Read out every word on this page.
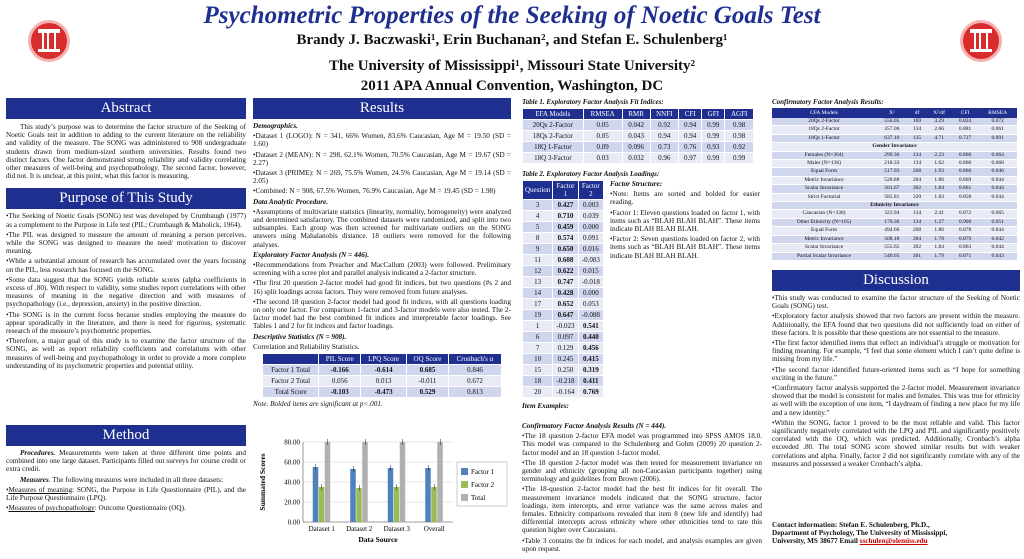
Psychometric Properties of the Seeking of Noetic Goals Test
Brandy J. Baczwaski¹, Erin Buchanan², and Stefan E. Schulenberg¹
The University of Mississippi¹, Missouri State University²
2011 APA Annual Convention, Washington, DC
Abstract
This study’s purpose was to determine the factor structure of the Seeking of Noetic Goals test in addition to adding to the current literature on the reliability and validity of the measure. The SONG was administered to 908 undergraduate students drawn from medium-sized southern universities. Results found two distinct factors. One factor demonstrated strong reliability and validity correlating other measures of well-being and psychopathology. The second factor, however, did not. It is unclear, at this point, what this factor is measuring.
Purpose of This Study
•The Seeking of Noetic Goals (SONG) test was developed by Crumbaugh (1977) as a complement to the Purpose in Life test (PIL; Crumbaugh & Maholick, 1964).
•The PIL was designed to measure the amount of meaning a person perceives, while the SONG was designed to measure the need/ motivation to discover meaning.
•While a substantial amount of research has accumulated over the years focusing on the PIL, less research has focused on the SONG.
•Some data suggest that the SONG yields reliable scores (alpha coefficients in excess of .80). With respect to validity, some studies report correlations with other measures of meaning in the negative direction and with measures of psychopathology (i.e., depression, anxiety) in the positive direction.
•The SONG is in the current focus because studies employing the measure do appear sporadically in the literature, and there is need for rigorous, systematic research of the measure’s psychometric properties.
•Therefore, a major goal of this study is to examine the factor structure of the SONG, as well as report reliability coefficients and correlations with other measures of well-being and psychopathology in order to provide a more complete understanding of its psychometric properties and potential utility.
Method

Procedures. Measurements were taken at three different time points and combined into one large dataset. Participants filled out surveys for course credit or extra credit.

Measures. The following measures were included in all three datasets:

•Measures of meaning: SONG, the Purpose in Life Questionnaire (PIL), and the Life Purpose Questionnaire (LPQ).
•Measures of psychopathology: Outcome Questionnaire (OQ).
Results

Demographics.

•Dataset 1 (LOGO): N = 341, 66% Women, 83.6% Caucasian, Age M = 19.50 (SD = 1.60)
•Dataset 2 (MEAN): N = 298, 62.1% Women, 70.5% Caucasian, Age M = 19.67 (SD = 2.27)
•Dataset 3 (PRIME): N = 269, 75.5% Women, 24.5% Caucasian, Age M = 19.14 (SD = 2.05)
•Combined: N = 908, 67.5% Women, 76.9% Caucasian, Age M = 19.45 (SD = 1.98)

Data Analytic Procedure.

•Assumptions of multivariate statistics (linearity, normality, homogeneity) were analyzed and determined satisfactory. The combined datasets were randomized, and split into two subsamples. Each group was then screened for multivariate outliers on the SONG answers using Mahalanobis distance. 18 outliers were removed for the following analyses.

Exploratory Factor Analysis (N = 446).

•Recommendations from Preacher and MacCallum (2003) were followed. Preliminary screening with a scree plot and parallel analysis indicated a 2-factor structure.
•The first 20 question 2-factor model had good fit indices, but two questions (#s 2 and 16) split loadings across factors. They were removed from future analyses.
•The second 18 question 2-factor model had good fit indices, with all questions loading on only one factor. For comparison 1-factor and 3-factor models were also tested. The 2-factor model had the best combined fit indices and interpretable factor loadings. See Tables 1 and 2 for fit indices and factor loadings.

Descriptive Statistics (N = 908).

Correlation and Reliability Statistics.

	PIL Score	LPQ Score	OQ Score	Cronbach's α
Factor 1 Total	-0.166	-0.614	0.685	0.846
Factor 2 Total	0.056	0.013	-0.011	0.672
Total Score	-0.103	-0.473	0.529	0.813
Note. Bolded items are significant at p<.001.
0.00
20.00
40.00
60.00
80.00
Dataset 1 Dataset 2 Dataset 3 Overall
Data Source
Summated Scores	Factor 1
Factor 2
Total
Table 1. Exploratory Factor Analysis Fit Indices:
EFA Models	RMSEA	RMR	NNFI	CFI	GFI	AGFI
20Qs 2-Factor	0.05	0.042	0.92	0.94	0.99	0.98
18Qs 2-Factor	0.05	0.043	0.94	0.94	0.99	0.98
18Q 1-Factor	0.09	0.096	0.73	0.76	0.93	0.92
18Q 3-Factor	0.03	0.032	0.96	0.97	0.99	0.99
Table 2. Exploratory Factor Analysis Loadings:
Question	Factor 1	Factor 2
3	0.427	0.003
4	0.710	0.039
5	0.459	0.000
8	0.574	0.091
9	0.650	0.016
11	0.608	-0.083
12	0.622	0.015
13	0.747	-0.018
14	0.428	0.000
17	0.652	0.053
19	0.647	-0.088
1	-0.023	0.541
6	0.097	0.440
7	0.129	0.456
10	0.245	0.415
15	0.250	0.319
18	-0.218	0.411
20	-0.164	0.769

Factor Structure:

•Note: Items are sorted and bolded for easier reading.
•Factor 1: Eleven questions loaded on factor 1, with items such as “BLAH BLAH BLAH”. These items indicate BLAH BLAH BLAH.
•Factor 2: Seven questions loaded on factor 2, with items such as “BLAH BLAH BLAH”. These items indicate BLAH BLAH BLAH.
Item Examples:

Confirmatory Factor Analysis Results (N = 444).

•The 18 question 2-factor EFA model was programmed into SPSS AMOS 18.0. This model was compared to the Schulenberg and Gohm (2009) 20 question 2-factor model and an 18 question 1-factor model.
•The 18 question 2-factor model was then tested for measurement invariance on gender and ethnicity (grouping all non-Caucasian participants together) using terminology and guidelines from Brown (2006).
•The 18-question 2-factor model had the best fit indices for fit overall. The measurement invariance models indicated that the SONG structure, factor loadings, item intercepts, and error variance was the same across males and females. Ethnicity comparisons revealed that item 8 (new life and identify) had differential intercepts across ethnicity where other ethnicities tend to rate this question higher over Caucasians.
•Table 3 contains the fit indices for each model, and analysis examples are given upon request.
Confirmatory Factor Analysis Results:
CFA Models	X²	df	X²/df	CFI	RMSEA
20Qs 2-Factor	556.05	169	3.29	0.824	0.072
18Qs 2-Factor	357.06	134	2.66	0.881	0.061
18Qs 1-Factor	637.10	135	4.71	0.727	0.091
Gender Invariance					
Females (N=304)	299.36	134	2.23	0.860	0.064
Males (N=136)	218.33	134	1.62	0.866	0.068
Equal Form	517.93	268	1.93	0.866	0.046
Metric Invariance	528.88	284	1.86	0.869	0.044
Scalar Invariance	561.67	302	1.84	0.861	0.044
Strict Factorial	585.81	320	1.83	0.858	0.044
Ethnicity Invariance					
Caucasian (N=336)	323.94	134	2.41	0.872	0.065
Other Ethnicity (N=105)	170.36	134	1.27	0.900	0.051
Equal Form	494.66	268	1.86	0.878	0.044
Metric Invariance	508.18	284	1.78	0.879	0.042
Scalar Invariance	555.65	302	1.84	0.863	0.044
Partial Scalar Invariance	540.65	301	1.79	0.871	0.043
Discussion
•This study was conducted to examine the factor structure of the Seeking of Noetic Goals (SONG) test.
•Exploratory factor analysis showed that two factors are present within the measure. Additionally, the EFA found that two questions did not sufficiently load on either of these factors. It is possible that these questions are not essential to the measure.
•The first factor identified items that reflect an individual’s struggle or motivation for finding meaning. For example, “I feel that some element which I can’t quite define is missing from my life.”
•The second factor identified future-oriented items such as “I hope for something exciting in the future.”
•Confirmatory factor analysis supported the 2-factor model. Measurement invariance showed that the model is consistent for males and females. This was true for ethnicity as well with the exception of one item, “I daydream of finding a new place for my life and a new identity.”
•Within the SONG, factor 1 proved to be the most reliable and valid. This factor significantly negatively correlated with the LPQ and PIL and significantly positively correlated with the OQ, which was predicted. Additionally, Cronbach’s alpha exceeded .80. The total SONG score showed similar results but with weaker correlations and alpha. Finally, factor 2 did not significantly correlate with any of the measures and possessed a weaker Cronbach’s alpha.
Contact information: Stefan E. Schulenberg, Ph.D.,
Department of Psychology, The University of Mississippi,
University, MS 38677 Email sschulen@olemiss.edu
